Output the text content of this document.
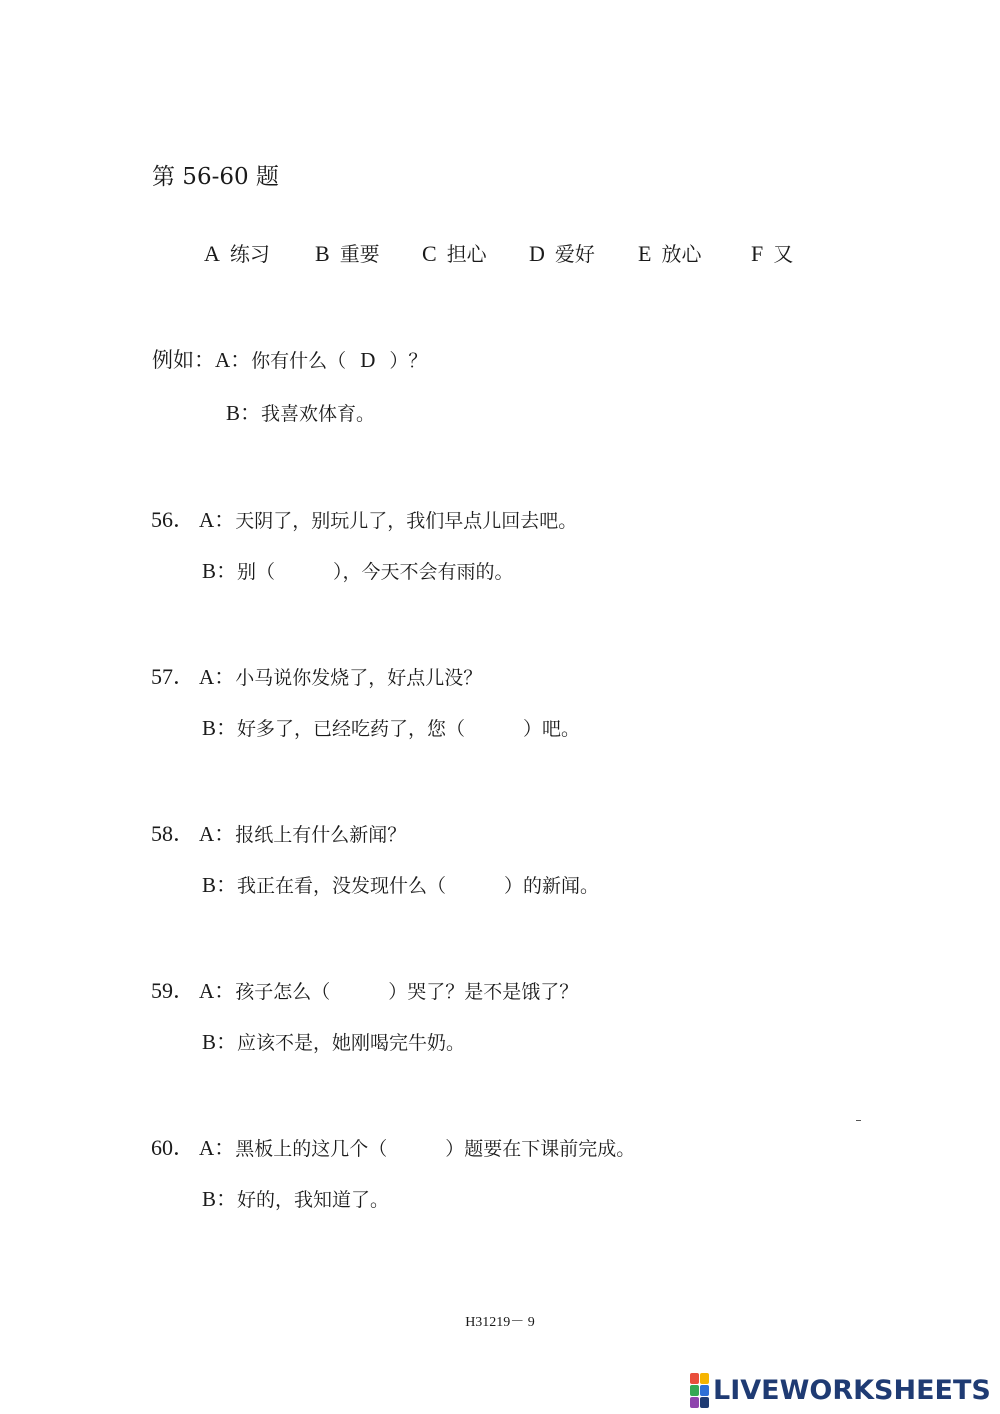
第 56-60 题
A 练习 B 重要 C 担心 D 爱好 E 放心 F 又
例如：A：你有什么（ D ）？
B：我喜欢体育。
56． A：天阴了，别玩儿了，我们早点儿回去吧。
B：别（	），今天不会有雨的。
57． A：小马说你发烧了，好点儿没？
B：好多了，已经吃药了，您（	）吧。
58． A：报纸上有什么新闻？
B：我正在看，没发现什么（	）的新闻。
59． A：孩子怎么（	）哭了？是不是饿了？
B：应该不是，她刚喝完牛奶。
60． A：黑板上的这几个（	）题要在下课前完成。
B：好的，我知道了。
H31219－ 9
LIVEWORKSHEETS
